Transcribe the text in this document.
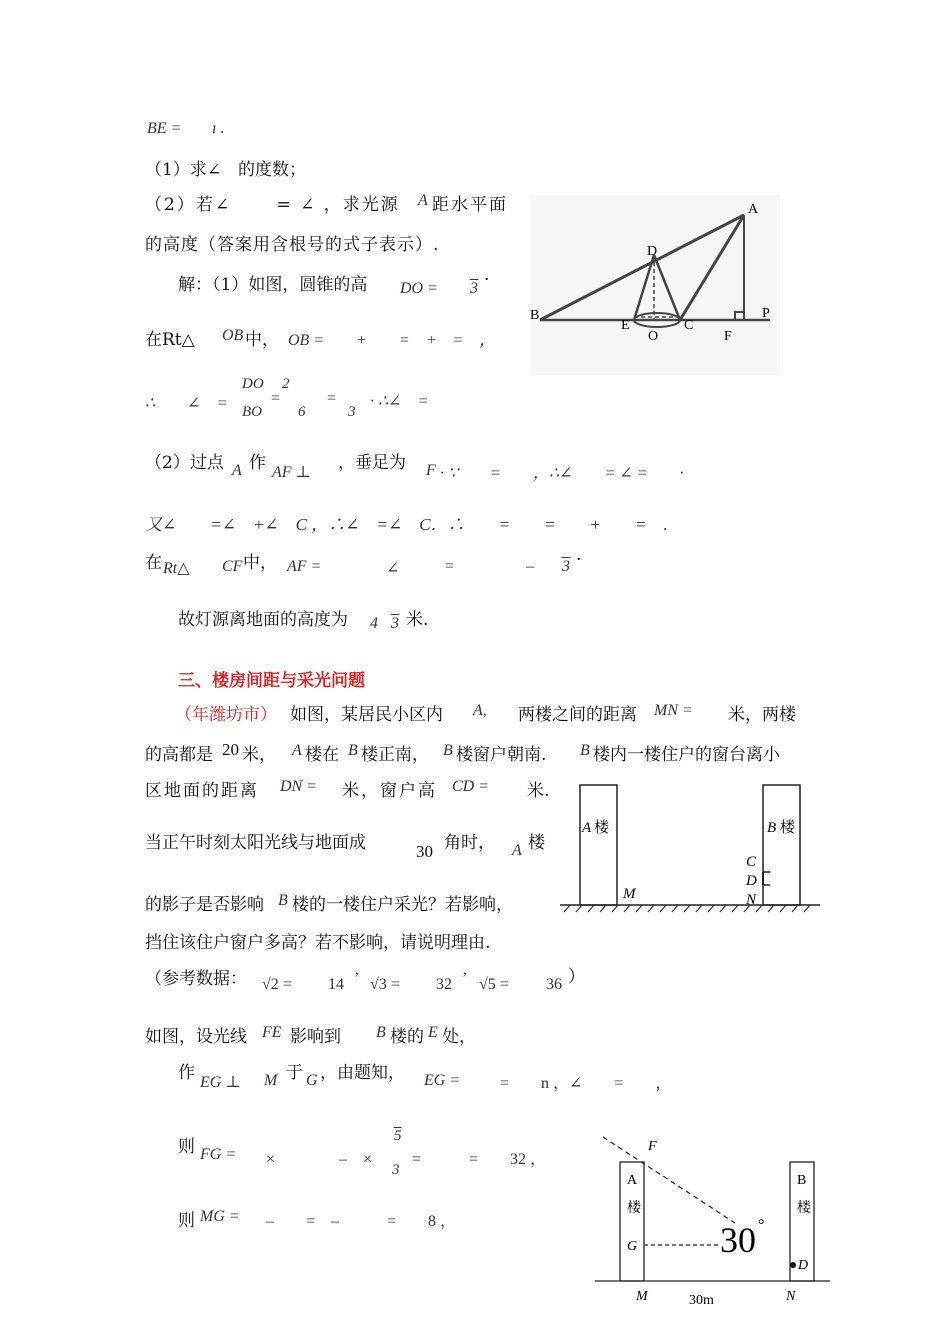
BE = ı .
（1）求∠　的度数；
（2）若∠　　 = ∠ ，求光源 A 距水平面
的高度（答案用含根号的式子表示）.
解：（1）如图，圆锥的高 DO = 3 ·
在Rt△ OB 中， OB =　　+　　=　+　=　，
∴　　∠　=
DO 2
BO 6
=	=
3
· ∴∠　=
（2）过点 A 作 AF ⊥ ，垂足为 F · ∵　　=　　，∴∠　　= ∠ =　　·
又∠　　=∠　+∠　C ，∴∠　=∠　C．∴　　=　　=　　+　　=　.
在 Rt△ CF 中， AF =	∠	=	– 3 ·
故灯源离地面的高度为 4 3 米.
三、楼房间距与采光问题
（年潍坊市） 如图，某居民小区内 A, 两楼之间的距离 MN = 米，两楼
的高都是 20 米， A 楼在 B 楼正南， B 楼窗户朝南. B 楼内一楼住户的窗台离小
区地面的距离 DN = 米，窗户高 CD = 米.
当正午时刻太阳光线与地面成	30 角时， A 楼
的影子是否影响 B 楼的一楼住户采光？若影响，
挡住该住户窗户多高？若不影响，请说明理由.
（参考数据： √2 = 14 ’ √3 = 32 ’ √5 = 36 ）
如图，设光线 FE 影响到 B 楼的 E 处，
作 EG ⊥ M 于 G ，由题知， EG = =　　n ，∠　　=　　，
则 FG = ×　　　　–　×
5
3
=　　　=　　32 ，
则 MG = –　　=　–　　　=　　8 ，
A
D
B
E
O
C
F
P
A 楼	B 楼
C
D
N
M
F
A
楼
B
楼
G 30 °
D
M	30m	N
